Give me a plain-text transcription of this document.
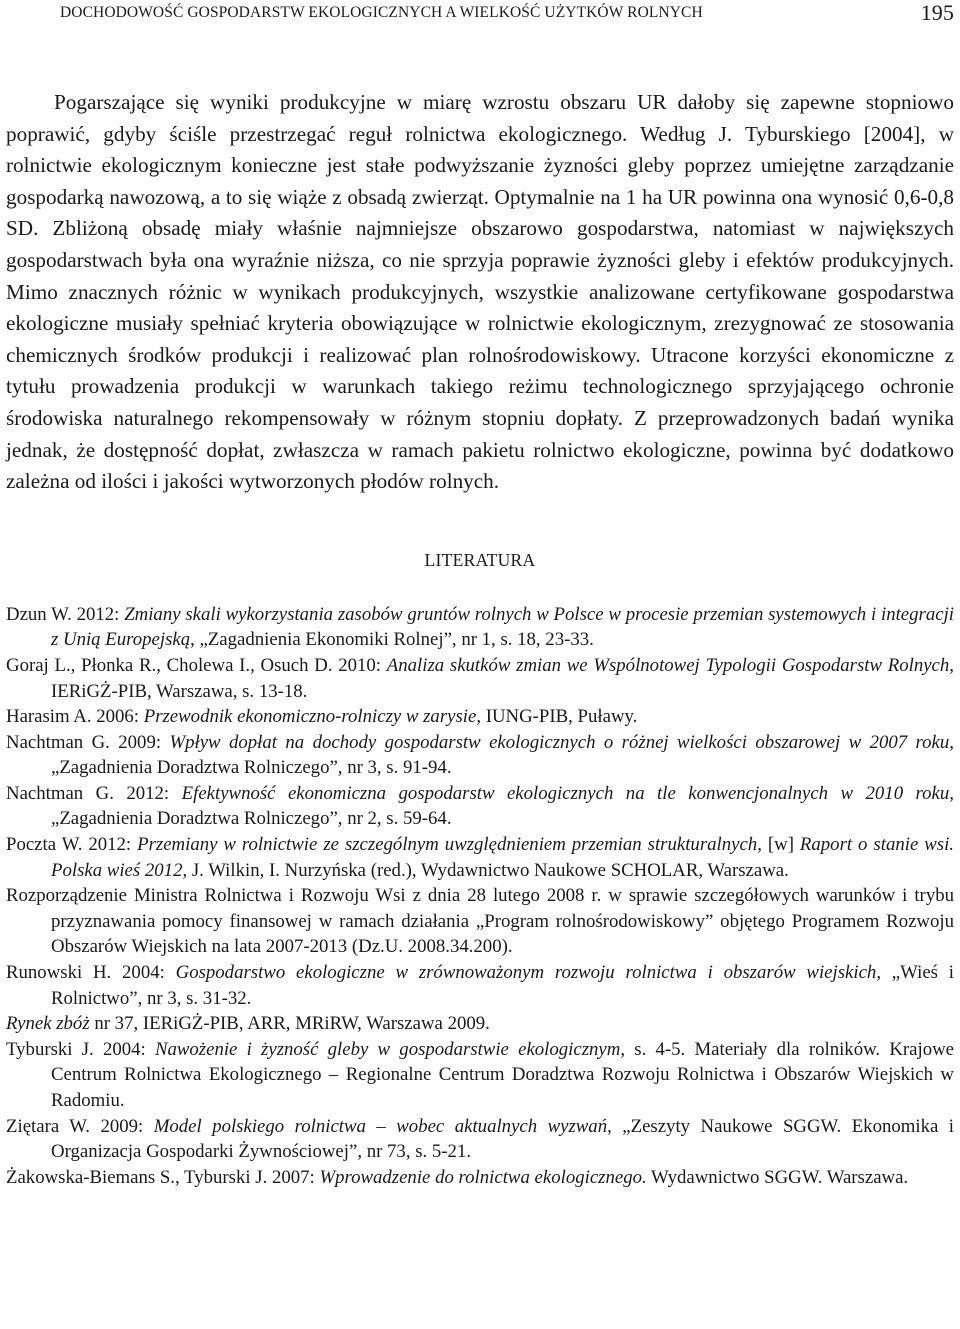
DOCHODOWOŚĆ GOSPODARSTW EKOLOGICZNYCH A WIELKOŚĆ UŻYTKÓW ROLNYCH	195

Pogarszające się wyniki produkcyjne w miarę wzrostu obszaru UR dałoby się zapewne stopniowo poprawić, gdyby ściśle przestrzegać reguł rolnictwa ekologicznego. Według J. Tyburskiego [2004], w rolnictwie ekologicznym konieczne jest stałe podwyższanie żyzności gleby poprzez umiejętne zarządzanie gospodarką nawozową, a to się wiąże z obsadą zwierząt. Optymalnie na 1 ha UR powinna ona wynosić 0,6-0,8 SD. Zbliżoną obsadę miały właśnie najmniejsze obszarowo gospodarstwa, natomiast w największych gospodarstwach była ona wyraźnie niższa, co nie sprzyja poprawie żyzności gleby i efektów produkcyjnych. Mimo znacznych różnic w wynikach produkcyjnych, wszystkie analizowane certyfikowane gospodarstwa ekologiczne musiały spełniać kryteria obowiązujące w rolnictwie ekologicznym, zrezygnować ze stosowania chemicznych środków produkcji i realizować plan rolnośrodowiskowy. Utracone korzyści ekonomiczne z tytułu prowadzenia produkcji w warunkach takiego reżimu technologicznego sprzyjającego ochronie środowiska naturalnego rekompensowały w różnym stopniu dopłaty. Z przeprowadzonych badań wynika jednak, że dostępność dopłat, zwłaszcza w ramach pakietu rolnictwo ekologiczne, powinna być dodatkowo zależna od ilości i jakości wytworzonych płodów rolnych.

LITERATURA

Dzun W. 2012: Zmiany skali wykorzystania zasobów gruntów rolnych w Polsce w procesie przemian systemowych i integracji z Unią Europejską, „Zagadnienia Ekonomiki Rolnej”, nr 1, s. 18, 23-33.

Goraj L., Płonka R., Cholewa I., Osuch D. 2010: Analiza skutków zmian we Wspólnotowej Typologii Gospodarstw Rolnych, IERiGŻ-PIB, Warszawa, s. 13-18.

Harasim A. 2006: Przewodnik ekonomiczno-rolniczy w zarysie, IUNG-PIB, Puławy.

Nachtman G. 2009: Wpływ dopłat na dochody gospodarstw ekologicznych o różnej wielkości obszarowej w 2007 roku, „Zagadnienia Doradztwa Rolniczego”, nr 3, s. 91-94.

Nachtman G. 2012: Efektywność ekonomiczna gospodarstw ekologicznych na tle konwencjonalnych w 2010 roku, „Zagadnienia Doradztwa Rolniczego”, nr 2, s. 59-64.

Poczta W. 2012: Przemiany w rolnictwie ze szczególnym uwzględnieniem przemian strukturalnych, [w] Raport o stanie wsi. Polska wieś 2012, J. Wilkin, I. Nurzyńska (red.), Wydawnictwo Naukowe SCHOLAR, Warszawa.

Rozporządzenie Ministra Rolnictwa i Rozwoju Wsi z dnia 28 lutego 2008 r. w sprawie szczegółowych warunków i trybu przyznawania pomocy finansowej w ramach działania „Program rolnośrodowiskowy” objętego Programem Rozwoju Obszarów Wiejskich na lata 2007-2013 (Dz.U. 2008.34.200).

Runowski H. 2004: Gospodarstwo ekologiczne w zrównoważonym rozwoju rolnictwa i obszarów wiejskich, „Wieś i Rolnictwo”, nr 3, s. 31-32.

Rynek zbóż nr 37, IERiGŻ-PIB, ARR, MRiRW, Warszawa 2009.

Tyburski J. 2004: Nawożenie i żyzność gleby w gospodarstwie ekologicznym, s. 4-5. Materiały dla rolników. Krajowe Centrum Rolnictwa Ekologicznego – Regionalne Centrum Doradztwa Rozwoju Rolnictwa i Obszarów Wiejskich w Radomiu.

Ziętara W. 2009: Model polskiego rolnictwa – wobec aktualnych wyzwań, „Zeszyty Naukowe SGGW. Ekonomika i Organizacja Gospodarki Żywnościowej”, nr 73, s. 5-21.

Żakowska-Biemans S., Tyburski J. 2007: Wprowadzenie do rolnictwa ekologicznego. Wydawnictwo SGGW. Warszawa.
